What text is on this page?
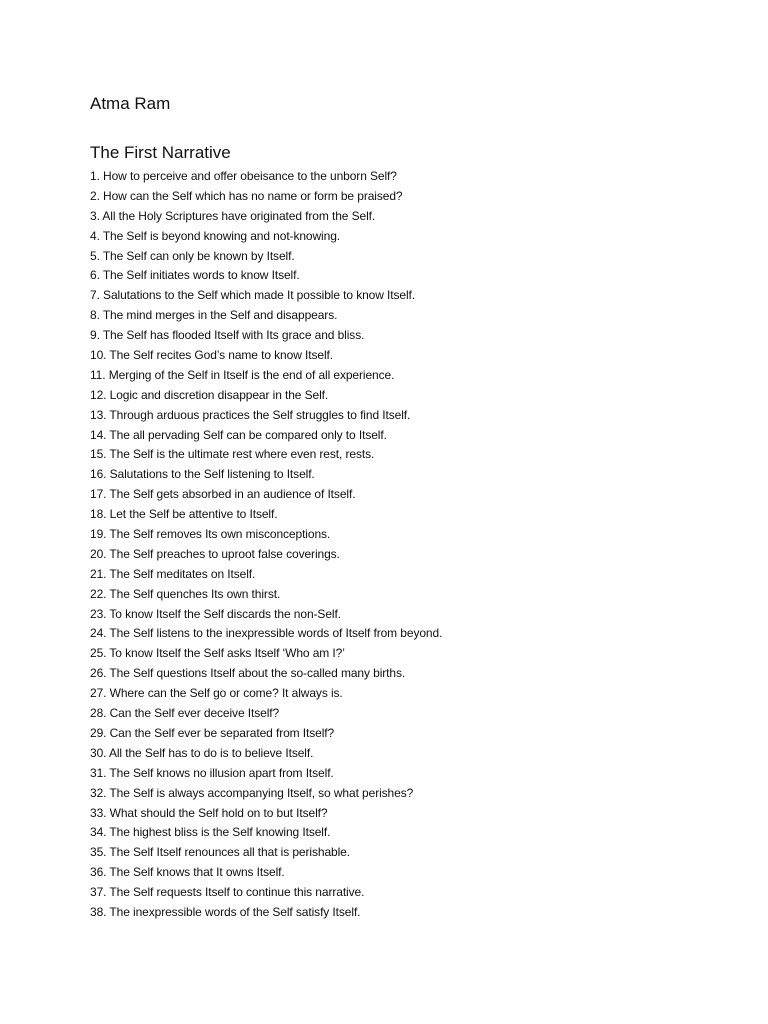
Atma Ram
The First Narrative
1. How to perceive and offer obeisance to the unborn Self?
2. How can the Self which has no name or form be praised?
3. All the Holy Scriptures have originated from the Self.
4. The Self is beyond knowing and not-knowing.
5. The Self can only be known by Itself.
6. The Self initiates words to know Itself.
7. Salutations to the Self which made It possible to know Itself.
8. The mind merges in the Self and disappears.
9. The Self has flooded Itself with Its grace and bliss.
10. The Self recites God’s name to know Itself.
11. Merging of the Self in Itself is the end of all experience.
12. Logic and discretion disappear in the Self.
13. Through arduous practices the Self struggles to find Itself.
14. The all pervading Self can be compared only to Itself.
15. The Self is the ultimate rest where even rest, rests.
16. Salutations to the Self listening to Itself.
17. The Self gets absorbed in an audience of Itself.
18. Let the Self be attentive to Itself.
19. The Self removes Its own misconceptions.
20. The Self preaches to uproot false coverings.
21. The Self meditates on Itself.
22. The Self quenches Its own thirst.
23. To know Itself the Self discards the non-Self.
24. The Self listens to the inexpressible words of Itself from beyond.
25. To know Itself the Self asks Itself ‘Who am I?’
26. The Self questions Itself about the so-called many births.
27. Where can the Self go or come? It always is.
28. Can the Self ever deceive Itself?
29. Can the Self ever be separated from Itself?
30. All the Self has to do is to believe Itself.
31. The Self knows no illusion apart from Itself.
32. The Self is always accompanying Itself, so what perishes?
33. What should the Self hold on to but Itself?
34. The highest bliss is the Self knowing Itself.
35. The Self Itself renounces all that is perishable.
36. The Self knows that It owns Itself.
37. The Self requests Itself to continue this narrative.
38. The inexpressible words of the Self satisfy Itself.
